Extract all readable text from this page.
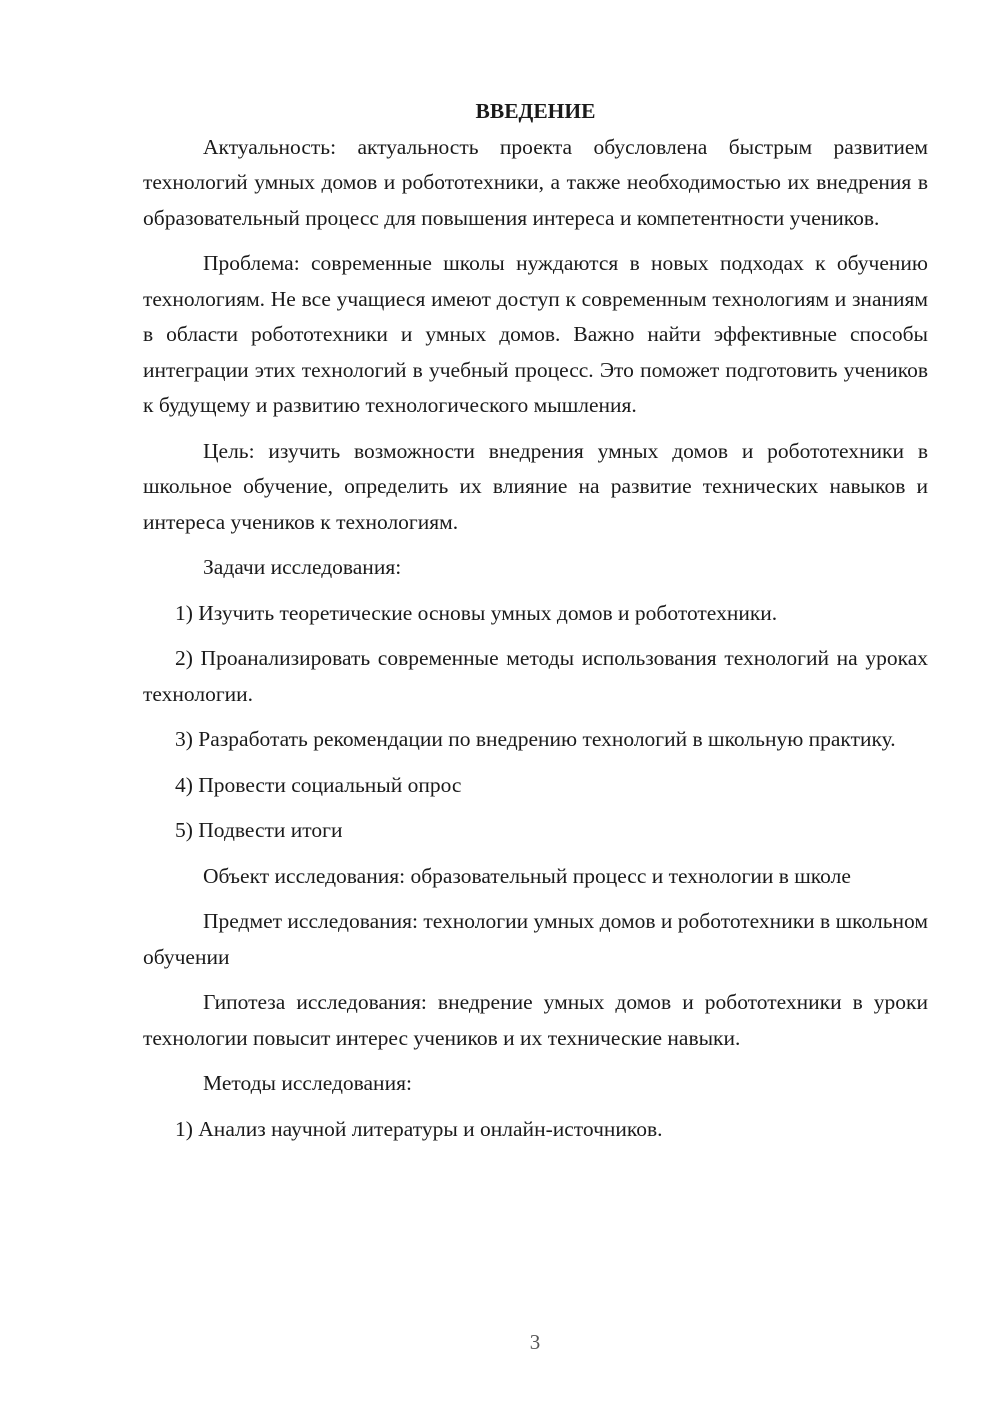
ВВЕДЕНИЕ

Актуальность: актуальность проекта обусловлена быстрым развитием технологий умных домов и робототехники, а также необходимостью их внедрения в образовательный процесс для повышения интереса и компетентности учеников.

Проблема: современные школы нуждаются в новых подходах к обучению технологиям. Не все учащиеся имеют доступ к современным технологиям и знаниям в области робототехники и умных домов. Важно найти эффективные способы интеграции этих технологий в учебный процесс. Это поможет подготовить учеников к будущему и развитию технологического мышления.

Цель: изучить возможности внедрения умных домов и робототехники в школьное обучение, определить их влияние на развитие технических навыков и интереса учеников к технологиям.

Задачи исследования:

1) Изучить теоретические основы умных домов и робототехники.

2) Проанализировать современные методы использования технологий на уроках технологии.

3) Разработать рекомендации по внедрению технологий в школьную практику.

4) Провести социальный опрос

5) Подвести итоги

Объект исследования: образовательный процесс и технологии в школе

Предмет исследования: технологии умных домов и робототехники в школьном обучении

Гипотеза исследования: внедрение умных домов и робототехники в уроки технологии повысит интерес учеников и их технические навыки.

Методы исследования:

1) Анализ научной литературы и онлайн-источников.

3
